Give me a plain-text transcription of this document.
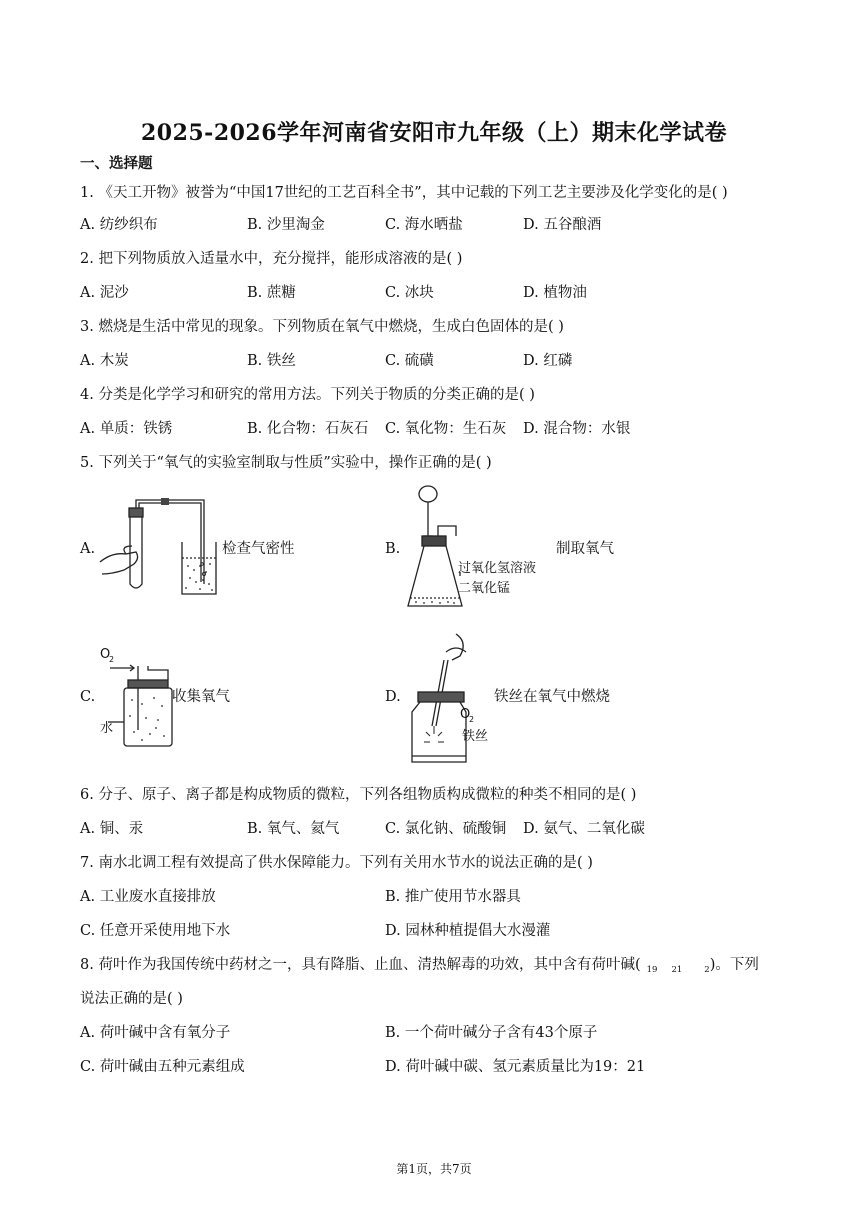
2025-2026学年河南省安阳市九年级（上）期末化学试卷
一、选择题
1. 《天工开物》被誉为“中国17世纪的工艺百科全书”，其中记载的下列工艺主要涉及化学变化的是( )
A. 纺纱织布	B. 沙里淘金	C. 海水晒盐	D. 五谷酿酒
2. 把下列物质放入适量水中，充分搅拌，能形成溶液的是( )
A. 泥沙	B. 蔗糖	C. 冰块	D. 植物油
3. 燃烧是生活中常见的现象。下列物质在氧气中燃烧，生成白色固体的是( )
A. 木炭	B. 铁丝	C. 硫磺	D. 红磷
4. 分类是化学学习和研究的常用方法。下列关于物质的分类正确的是( )
A. 单质：铁锈	B. 化合物：石灰石 C. 氧化物：生石灰 D. 混合物：水银
5. 下列关于“氧气的实验室制取与性质”实验中，操作正确的是( )
A.	检查气密性	B.	制取氧气
C.	收集氧气	D.	铁丝在氧气中燃烧
过氧化氢溶液
二氧化锰
O
2
水
O
2
铁丝
6. 分子、原子、离子都是构成物质的微粒，下列各组物质构成微粒的种类不相同的是( )
A. 铜、汞	B. 氧气、氦气	C. 氯化钠、硫酸铜 D. 氨气、二氧化碳
7. 南水北调工程有效提高了供水保障能力。下列有关用水节水的说法正确的是( )
A. 工业废水直接排放	B. 推广使用节水器具
C. 任意开采使用地下水	D. 园林种植提倡大水漫灌
8. 荷叶作为我国传统中药材之一，具有降脂、止血、清热解毒的功效，其中含有荷叶碱( $_{19}$ $_{21}$	$_2$)。下列
说法正确的是( )
A. 荷叶碱中含有氧分子	B. 一个荷叶碱分子含有43个原子
C. 荷叶碱由五种元素组成	D. 荷叶碱中碳、氢元素质量比为19：21
第1页，共7页
